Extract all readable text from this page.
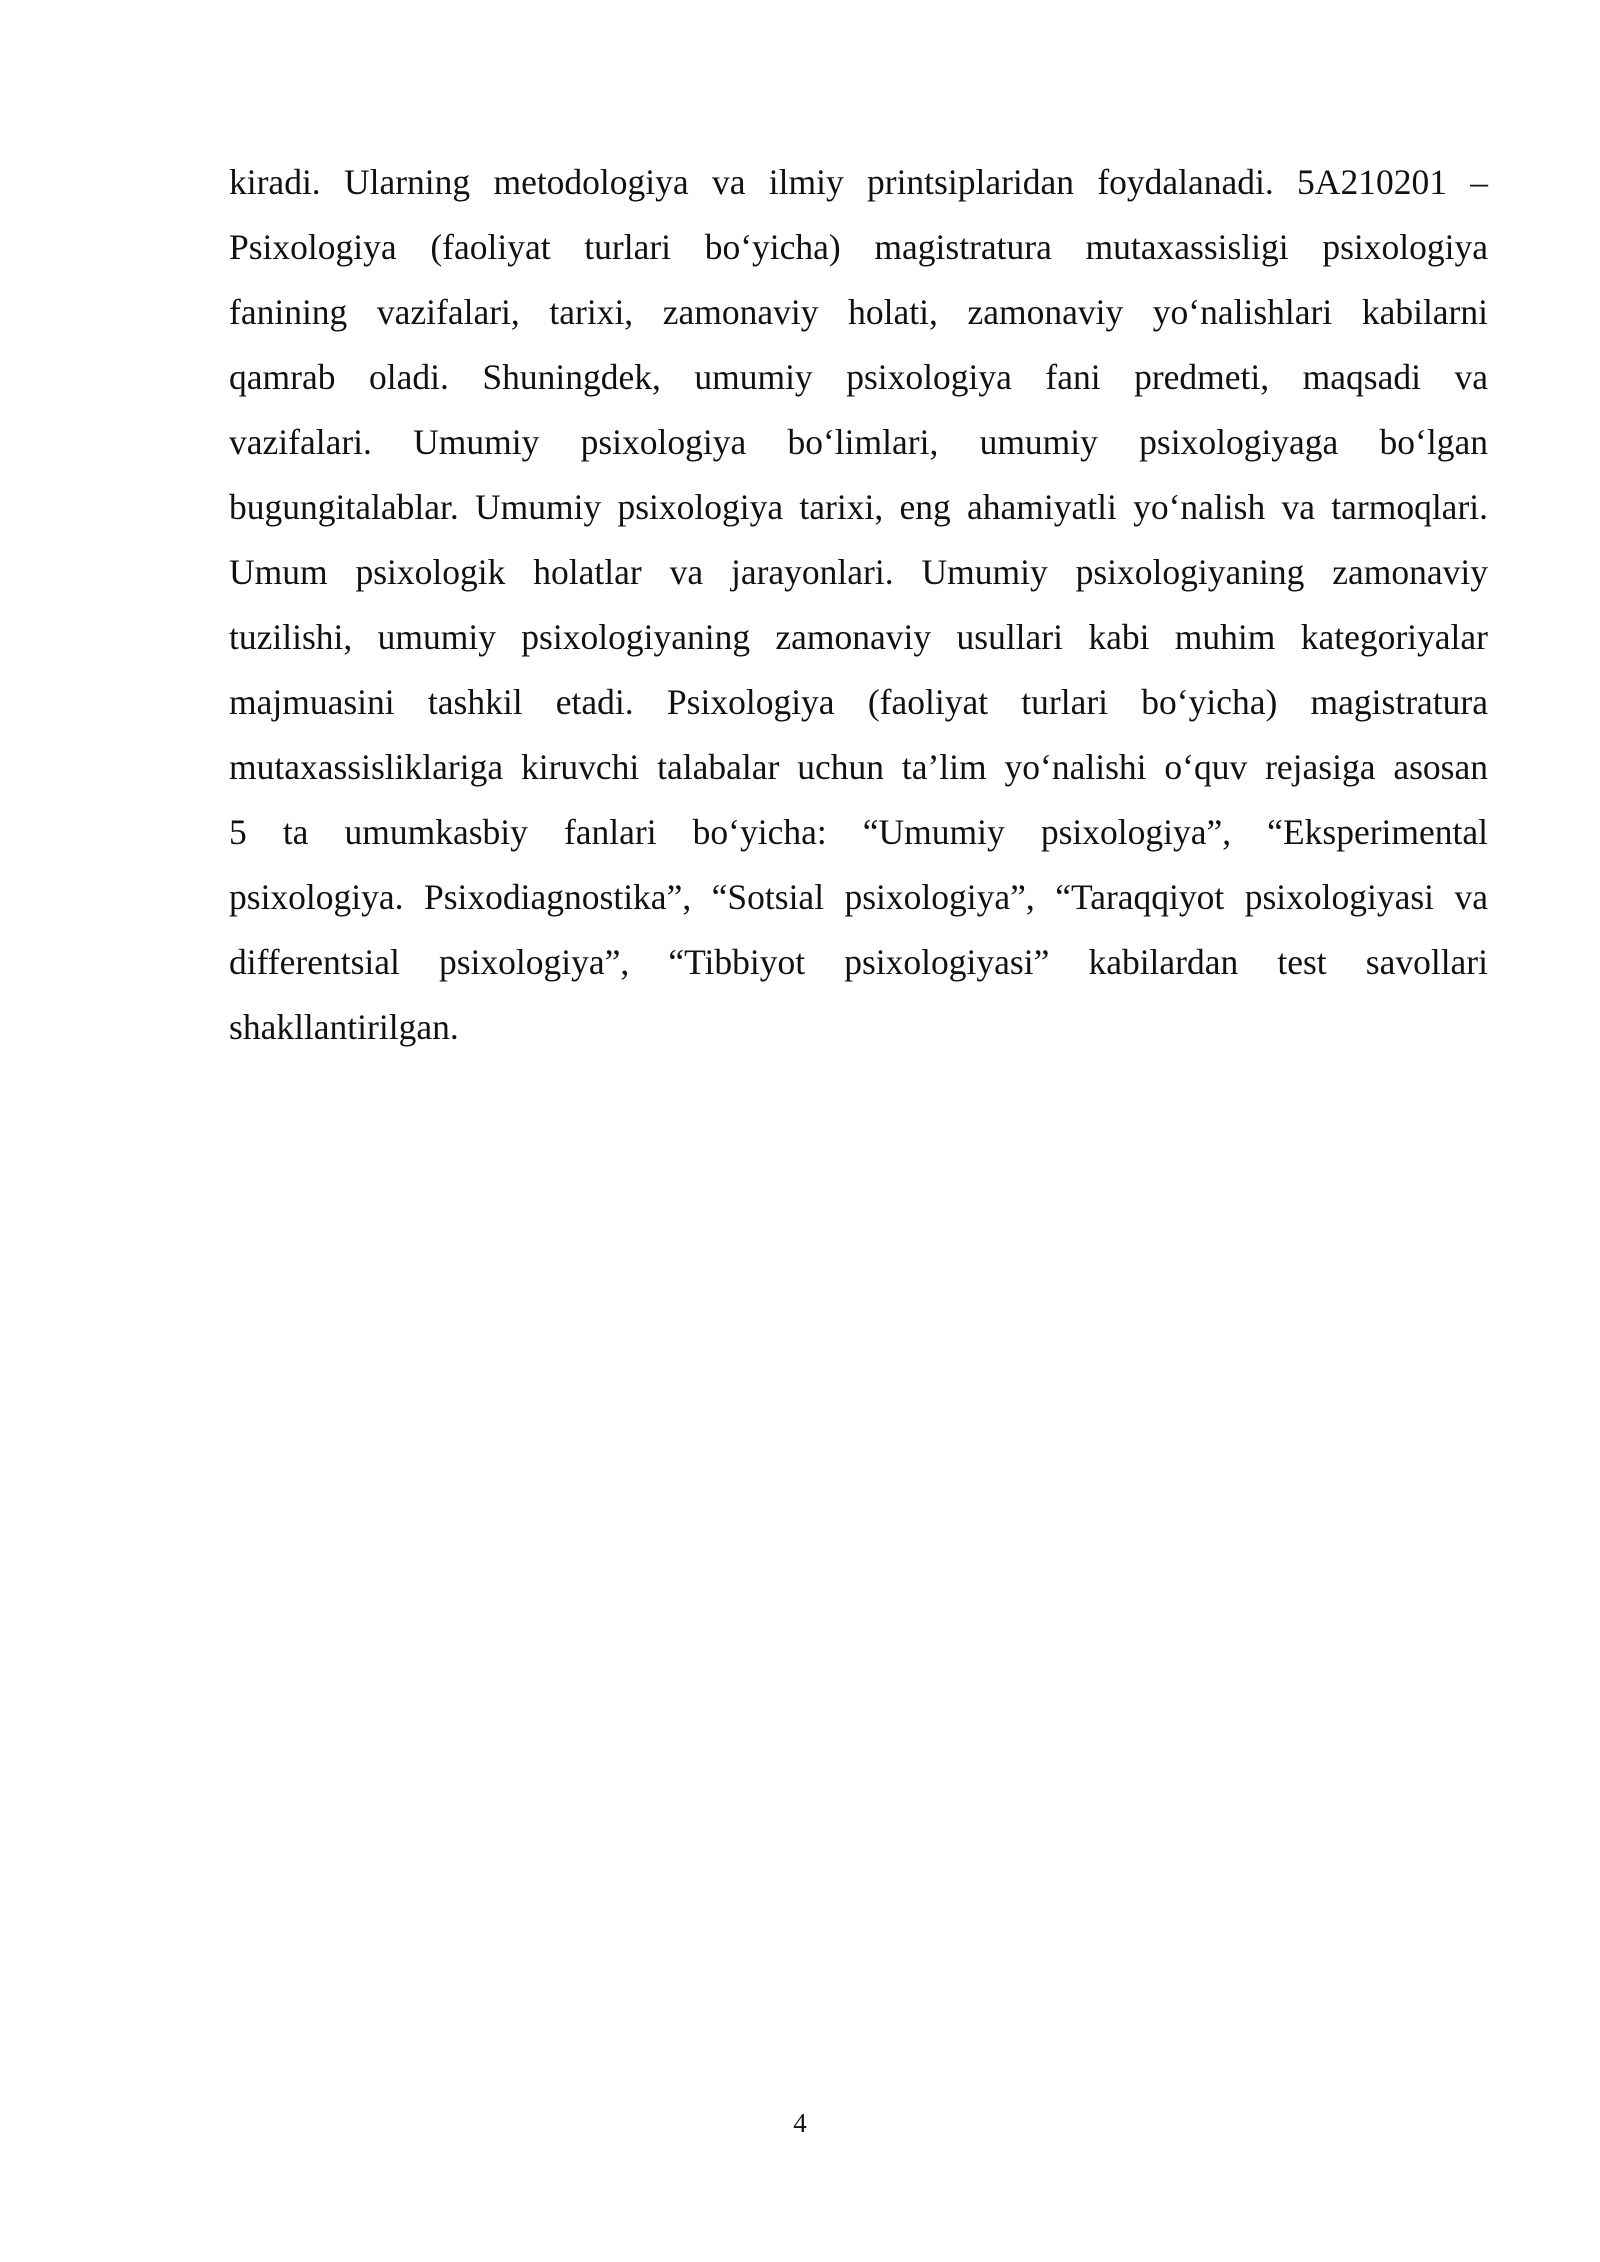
kiradi. Ularning metodologiya va ilmiy printsiplaridan foydalanadi. 5A210201 –
Psixologiya (faoliyat turlari bo‘yicha) magistratura mutaxassisligi psixologiya
fanining vazifalari, tarixi, zamonaviy holati, zamonaviy yo‘nalishlari kabilarni
qamrab oladi. Shuningdek, umumiy psixologiya fani predmeti, maqsadi va
vazifalari. Umumiy psixologiya bo‘limlari, umumiy psixologiyaga bo‘lgan
bugungitalablar. Umumiy psixologiya tarixi, eng ahamiyatli yo‘nalish va tarmoqlari.
Umum psixologik holatlar va jarayonlari. Umumiy psixologiyaning zamonaviy
tuzilishi, umumiy psixologiyaning zamonaviy usullari kabi muhim kategoriyalar
majmuasini tashkil etadi. Psixologiya (faoliyat turlari bo‘yicha) magistratura
mutaxassisliklariga kiruvchi talabalar uchun ta’lim yo‘nalishi o‘quv rejasiga asosan
5 ta umumkasbiy fanlari bo‘yicha: “Umumiy psixologiya”, “Eksperimental
psixologiya. Psixodiagnostika”, “Sotsial psixologiya”, “Taraqqiyot psixologiyasi va
differentsial psixologiya”, “Tibbiyot psixologiyasi” kabilardan test savollari
shakllantirilgan.
4
